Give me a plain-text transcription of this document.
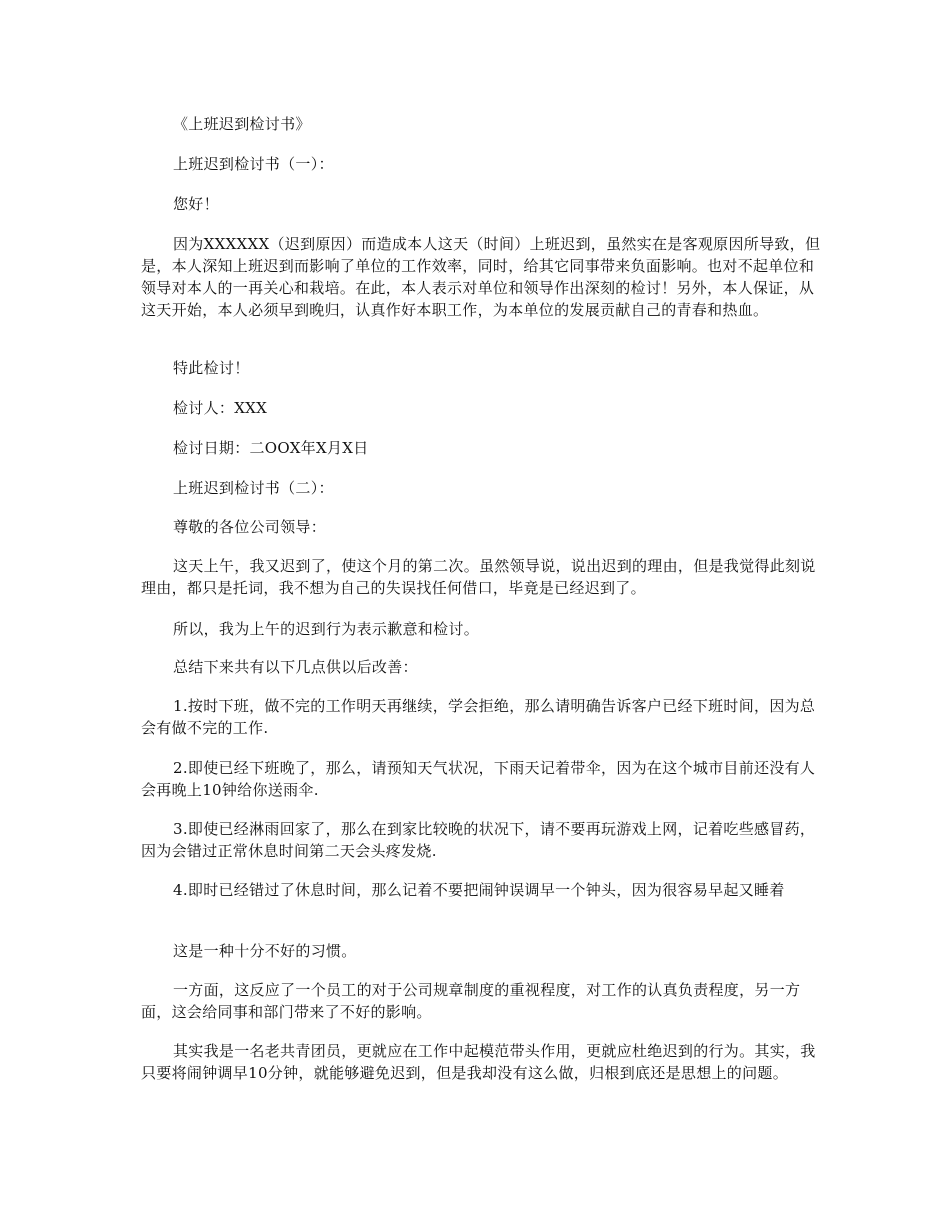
《上班迟到检讨书》

上班迟到检讨书（一）：

您好！

因为XXXXXX（迟到原因）而造成本人这天（时间）上班迟到，虽然实在是客观原因所导致，但是，本人深知上班迟到而影响了单位的工作效率，同时，给其它同事带来负面影响。也对不起单位和领导对本人的一再关心和栽培。在此，本人表示对单位和领导作出深刻的检讨！另外，本人保证，从这天开始，本人必须早到晚归，认真作好本职工作，为本单位的发展贡献自己的青春和热血。

特此检讨！

检讨人：XXX

检讨日期：二OOX年X月X日

上班迟到检讨书（二）：

尊敬的各位公司领导：

这天上午，我又迟到了，使这个月的第二次。虽然领导说，说出迟到的理由，但是我觉得此刻说理由，都只是托词，我不想为自己的失误找任何借口，毕竟是已经迟到了。

所以，我为上午的迟到行为表示歉意和检讨。

总结下来共有以下几点供以后改善：

1.按时下班，做不完的工作明天再继续，学会拒绝，那么请明确告诉客户已经下班时间，因为总会有做不完的工作.

2.即使已经下班晚了，那么，请预知天气状况，下雨天记着带伞，因为在这个城市目前还没有人会再晚上10钟给你送雨伞.

3.即使已经淋雨回家了，那么在到家比较晚的状况下，请不要再玩游戏上网，记着吃些感冒药，因为会错过正常休息时间第二天会头疼发烧.

4.即时已经错过了休息时间，那么记着不要把闹钟误调早一个钟头，因为很容易早起又睡着

这是一种十分不好的习惯。

一方面，这反应了一个员工的对于公司规章制度的重视程度，对工作的认真负责程度，另一方面，这会给同事和部门带来了不好的影响。

其实我是一名老共青团员，更就应在工作中起模范带头作用，更就应杜绝迟到的行为。其实，我只要将闹钟调早10分钟，就能够避免迟到，但是我却没有这么做，归根到底还是思想上的问题。
